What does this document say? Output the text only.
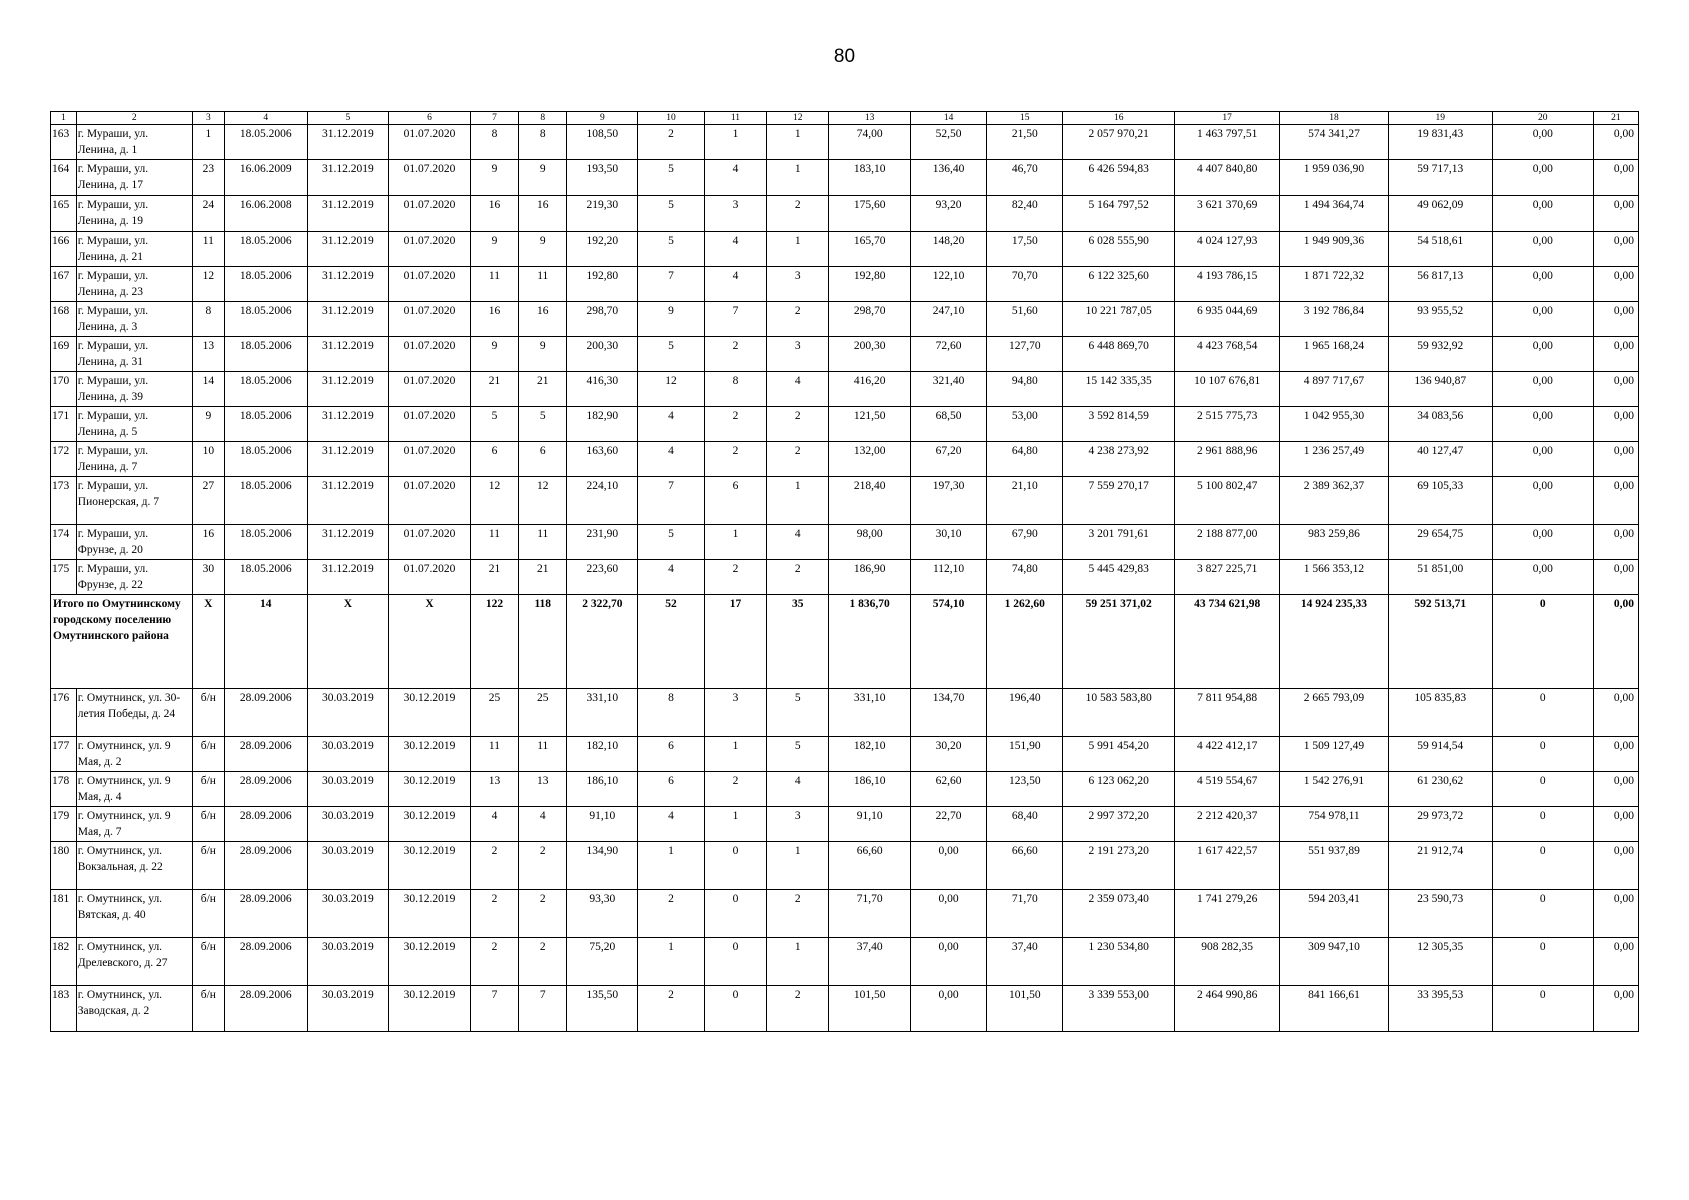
80
1	2	3	4	5	6	7	8	9	10	11	12	13	14	15	16	17	18	19	20	21
163	г. Мураши, ул. Ленина, д. 1	1	18.05.2006	31.12.2019	01.07.2020	8	8	108,50	2	1	1	74,00	52,50	21,50	2 057 970,21	1 463 797,51	574 341,27	19 831,43	0,00	0,00
164	г. Мураши, ул. Ленина, д. 17	23	16.06.2009	31.12.2019	01.07.2020	9	9	193,50	5	4	1	183,10	136,40	46,70	6 426 594,83	4 407 840,80	1 959 036,90	59 717,13	0,00	0,00
165	г. Мураши, ул. Ленина, д. 19	24	16.06.2008	31.12.2019	01.07.2020	16	16	219,30	5	3	2	175,60	93,20	82,40	5 164 797,52	3 621 370,69	1 494 364,74	49 062,09	0,00	0,00
166	г. Мураши, ул. Ленина, д. 21	11	18.05.2006	31.12.2019	01.07.2020	9	9	192,20	5	4	1	165,70	148,20	17,50	6 028 555,90	4 024 127,93	1 949 909,36	54 518,61	0,00	0,00
167	г. Мураши, ул. Ленина, д. 23	12	18.05.2006	31.12.2019	01.07.2020	11	11	192,80	7	4	3	192,80	122,10	70,70	6 122 325,60	4 193 786,15	1 871 722,32	56 817,13	0,00	0,00
168	г. Мураши, ул. Ленина, д. 3	8	18.05.2006	31.12.2019	01.07.2020	16	16	298,70	9	7	2	298,70	247,10	51,60	10 221 787,05	6 935 044,69	3 192 786,84	93 955,52	0,00	0,00
169	г. Мураши, ул. Ленина, д. 31	13	18.05.2006	31.12.2019	01.07.2020	9	9	200,30	5	2	3	200,30	72,60	127,70	6 448 869,70	4 423 768,54	1 965 168,24	59 932,92	0,00	0,00
170	г. Мураши, ул. Ленина, д. 39	14	18.05.2006	31.12.2019	01.07.2020	21	21	416,30	12	8	4	416,20	321,40	94,80	15 142 335,35	10 107 676,81	4 897 717,67	136 940,87	0,00	0,00
171	г. Мураши, ул. Ленина, д. 5	9	18.05.2006	31.12.2019	01.07.2020	5	5	182,90	4	2	2	121,50	68,50	53,00	3 592 814,59	2 515 775,73	1 042 955,30	34 083,56	0,00	0,00
172	г. Мураши, ул. Ленина, д. 7	10	18.05.2006	31.12.2019	01.07.2020	6	6	163,60	4	2	2	132,00	67,20	64,80	4 238 273,92	2 961 888,96	1 236 257,49	40 127,47	0,00	0,00
173	г. Мураши, ул. Пионерская, д. 7	27	18.05.2006	31.12.2019	01.07.2020	12	12	224,10	7	6	1	218,40	197,30	21,10	7 559 270,17	5 100 802,47	2 389 362,37	69 105,33	0,00	0,00
174	г. Мураши, ул. Фрунзе, д. 20	16	18.05.2006	31.12.2019	01.07.2020	11	11	231,90	5	1	4	98,00	30,10	67,90	3 201 791,61	2 188 877,00	983 259,86	29 654,75	0,00	0,00
175	г. Мураши, ул. Фрунзе, д. 22	30	18.05.2006	31.12.2019	01.07.2020	21	21	223,60	4	2	2	186,90	112,10	74,80	5 445 429,83	3 827 225,71	1 566 353,12	51 851,00	0,00	0,00
Итого по Омутнинскому городскому поселению Омутнинского района		X	14	X	X	122	118	2 322,70	52	17	35	1 836,70	574,10	1 262,60	59 251 371,02	43 734 621,98	14 924 235,33	592 513,71	0	0,00
176	г. Омутнинск, ул. 30-летия Победы, д. 24	б/н	28.09.2006	30.03.2019	30.12.2019	25	25	331,10	8	3	5	331,10	134,70	196,40	10 583 583,80	7 811 954,88	2 665 793,09	105 835,83	0	0,00
177	г. Омутнинск, ул. 9 Мая, д. 2	б/н	28.09.2006	30.03.2019	30.12.2019	11	11	182,10	6	1	5	182,10	30,20	151,90	5 991 454,20	4 422 412,17	1 509 127,49	59 914,54	0	0,00
178	г. Омутнинск, ул. 9 Мая, д. 4	б/н	28.09.2006	30.03.2019	30.12.2019	13	13	186,10	6	2	4	186,10	62,60	123,50	6 123 062,20	4 519 554,67	1 542 276,91	61 230,62	0	0,00
179	г. Омутнинск, ул. 9 Мая, д. 7	б/н	28.09.2006	30.03.2019	30.12.2019	4	4	91,10	4	1	3	91,10	22,70	68,40	2 997 372,20	2 212 420,37	754 978,11	29 973,72	0	0,00
180	г. Омутнинск, ул. Вокзальная, д. 22	б/н	28.09.2006	30.03.2019	30.12.2019	2	2	134,90	1	0	1	66,60	0,00	66,60	2 191 273,20	1 617 422,57	551 937,89	21 912,74	0	0,00
181	г. Омутнинск, ул. Вятская, д. 40	б/н	28.09.2006	30.03.2019	30.12.2019	2	2	93,30	2	0	2	71,70	0,00	71,70	2 359 073,40	1 741 279,26	594 203,41	23 590,73	0	0,00
182	г. Омутнинск, ул. Дрелевского, д. 27	б/н	28.09.2006	30.03.2019	30.12.2019	2	2	75,20	1	0	1	37,40	0,00	37,40	1 230 534,80	908 282,35	309 947,10	12 305,35	0	0,00
183	г. Омутнинск, ул. Заводская, д. 2	б/н	28.09.2006	30.03.2019	30.12.2019	7	7	135,50	2	0	2	101,50	0,00	101,50	3 339 553,00	2 464 990,86	841 166,61	33 395,53	0	0,00
